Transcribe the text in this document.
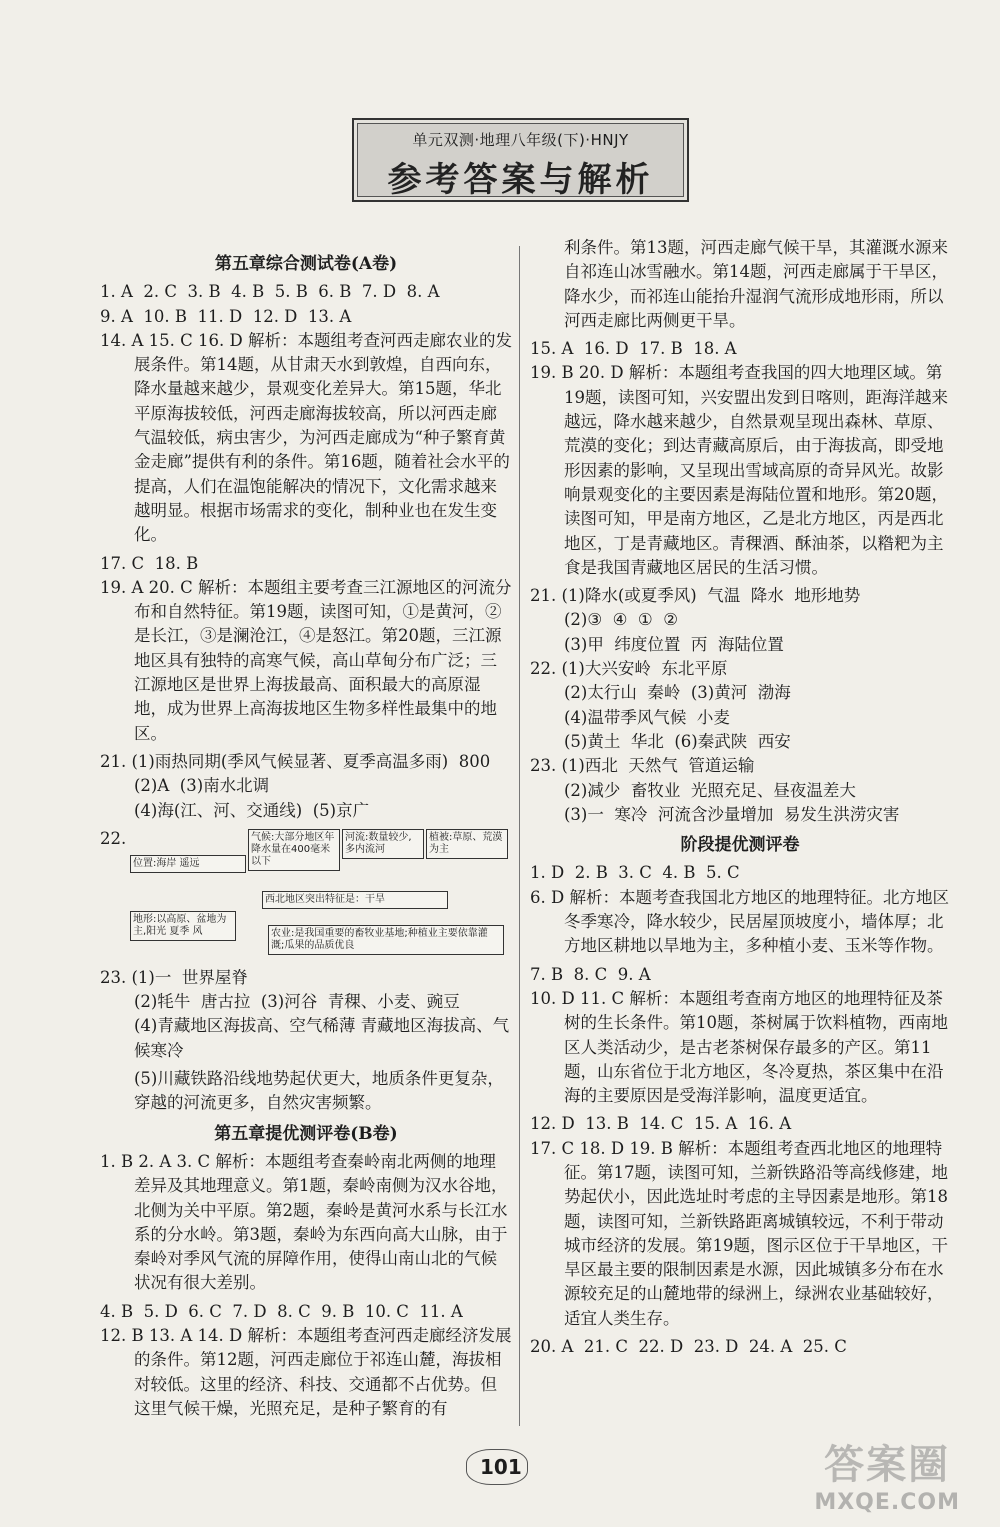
单元双测·地理八年级(下)·HNJY
参考答案与解析
第五章综合测试卷(A卷)

1. A  2. C  3. B  4. B  5. B  6. B  7. D  8. A

9. A  10. B  11. D  12. D  13. A

14. A 15. C 16. D 解析：本题组考查河西走廊农业的发展条件。第14题，从甘肃天水到敦煌，自西向东，降水量越来越少，景观变化差异大。第15题，华北平原海拔较低，河西走廊海拔较高，所以河西走廊气温较低，病虫害少，为河西走廊成为“种子繁育黄金走廊”提供有利的条件。第16题，随着社会水平的提高，人们在温饱能解决的情况下，文化需求越来越明显。根据市场需求的变化，制种业也在发生变化。

17. C  18. B

19. A 20. C 解析：本题组主要考查三江源地区的河流分布和自然特征。第19题，读图可知，①是黄河，②是长江，③是澜沧江，④是怒江。第20题，三江源地区具有独特的高寒气候，高山草甸分布广泛；三江源地区是世界上海拔最高、面积最大的高原湿地，成为世界上高海拔地区生物多样性最集中的地区。

21. (1)雨热同期(季风气候显著、夏季高温多雨)  800

(2)A  (3)南水北调

(4)海(江、河、交通线)  (5)京广

22.
位置:海岸 遥远
气候:大部分地区年降水量在400毫米以下
河流:数量较少,多内流河
植被:草原、荒漠为主
西北地区突出特征是：干旱
地形:以高原、盆地为主,阳光 夏季 风	农业:是我国重要的畜牧业基地;种植业主要依靠灌溉;瓜果的品质优良

23. (1)一  世界屋脊

(2)牦牛  唐古拉  (3)河谷  青稞、小麦、豌豆

(4)青藏地区海拔高、空气稀薄 青藏地区海拔高、气候寒冷

(5)川藏铁路沿线地势起伏更大，地质条件更复杂，穿越的河流更多，自然灾害频繁。

第五章提优测评卷(B卷)

1. B 2. A 3. C 解析：本题组考查秦岭南北两侧的地理差异及其地理意义。第1题，秦岭南侧为汉水谷地，北侧为关中平原。第2题，秦岭是黄河水系与长江水系的分水岭。第3题，秦岭为东西向高大山脉，由于秦岭对季风气流的屏障作用，使得山南山北的气候状况有很大差别。

4. B  5. D  6. C  7. D  8. C  9. B  10. C  11. A

12. B 13. A 14. D 解析：本题组考查河西走廊经济发展的条件。第12题，河西走廊位于祁连山麓，海拔相对较低。这里的经济、科技、交通都不占优势。但这里气候干燥，光照充足，是种子繁育的有

利条件。第13题，河西走廊气候干旱，其灌溉水源来自祁连山冰雪融水。第14题，河西走廊属于干旱区，降水少，而祁连山能抬升湿润气流形成地形雨，所以河西走廊比两侧更干旱。

15. A  16. D  17. B  18. A

19. B 20. D 解析：本题组考查我国的四大地理区域。第19题，读图可知，兴安盟出发到日喀则，距海洋越来越远，降水越来越少，自然景观呈现出森林、草原、荒漠的变化；到达青藏高原后，由于海拔高，即受地形因素的影响，又呈现出雪域高原的奇异风光。故影响景观变化的主要因素是海陆位置和地形。第20题，读图可知，甲是南方地区，乙是北方地区，丙是西北地区，丁是青藏地区。青稞酒、酥油茶，以糌粑为主食是我国青藏地区居民的生活习惯。

21. (1)降水(或夏季风)  气温  降水  地形地势

(2)③  ④  ①  ②

(3)甲  纬度位置  丙  海陆位置

22. (1)大兴安岭  东北平原

(2)太行山  秦岭  (3)黄河  渤海

(4)温带季风气候  小麦

(5)黄土  华北  (6)秦武陕  西安

23. (1)西北  天然气  管道运输

(2)减少  畜牧业  光照充足、昼夜温差大

(3)一  寒冷  河流含沙量增加  易发生洪涝灾害

阶段提优测评卷

1. D  2. B  3. C  4. B  5. C

6. D 解析：本题考查我国北方地区的地理特征。北方地区冬季寒冷，降水较少，民居屋顶坡度小，墙体厚；北方地区耕地以旱地为主，多种植小麦、玉米等作物。

7. B  8. C  9. A

10. D 11. C 解析：本题组考查南方地区的地理特征及茶树的生长条件。第10题，茶树属于饮料植物，西南地区人类活动少，是古老茶树保存最多的产区。第11题，山东省位于北方地区，冬冷夏热，茶区集中在沿海的主要原因是受海洋影响，温度更适宜。

12. D  13. B  14. C  15. A  16. A

17. C 18. D 19. B 解析：本题组考查西北地区的地理特征。第17题，读图可知，兰新铁路沿等高线修建，地势起伏小，因此选址时考虑的主导因素是地形。第18题，读图可知，兰新铁路距离城镇较远，不利于带动城市经济的发展。第19题，图示区位于干旱地区，干旱区最主要的限制因素是水源，因此城镇多分布在水源较充足的山麓地带的绿洲上，绿洲农业基础较好，适宜人类生存。

20. A  21. C  22. D  23. D  24. A  25. C

101	答案圈
MXQE.COM
